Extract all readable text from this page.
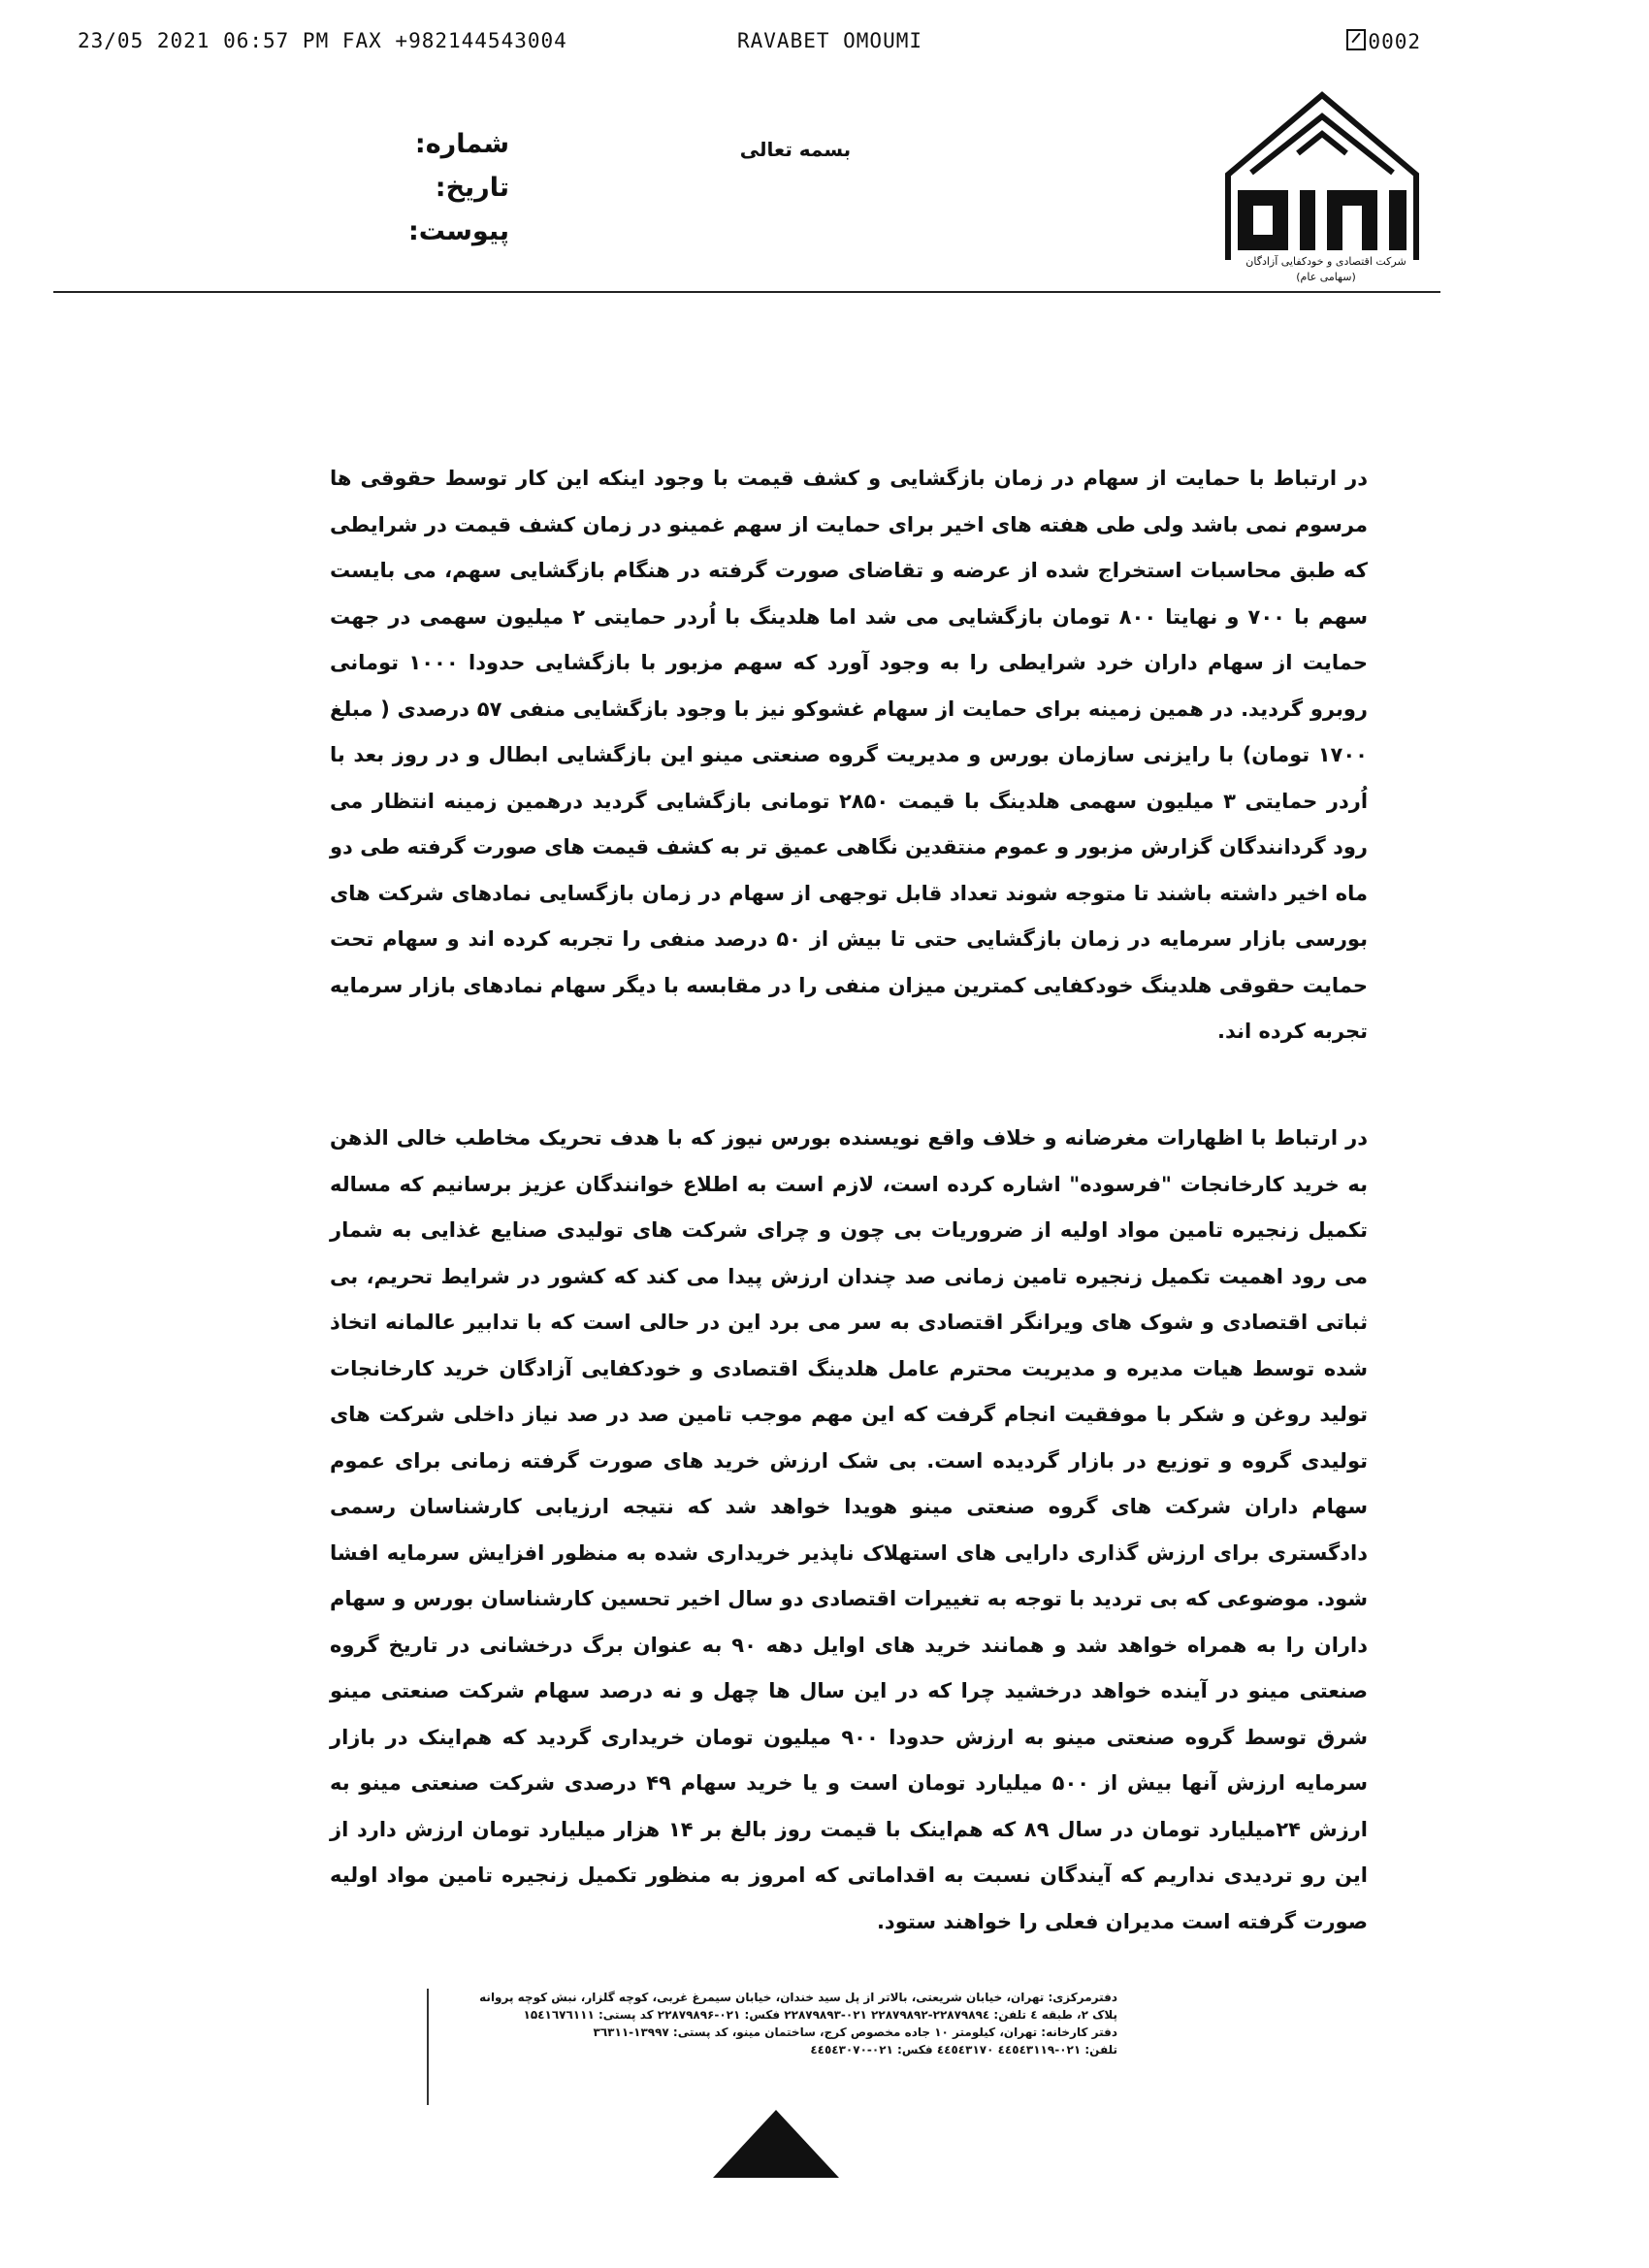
23/05 2021 06:57 PM FAX +982144543004	RAVABET OMOUMI	0002
شرکت اقتصادی و خودکفایی آزادگان
(سهامی عام)
بسمه تعالی
شماره:
تاریخ:
پیوست:

در ارتباط با حمایت از سهام در زمان بازگشایی و کشف قیمت با وجود اینکه این کار توسط حقوقی ها مرسوم نمی باشد ولی طی هفته های اخیر برای حمایت از سهم غمینو در زمان کشف قیمت در شرایطی که طبق محاسبات استخراج شده از عرضه و تقاضای صورت گرفته در هنگام بازگشایی سهم، می بایست سهم با ۷۰۰ و نهایتا ۸۰۰ تومان بازگشایی می شد اما هلدینگ با اُردر حمایتی ۲ میلیون سهمی در جهت حمایت از سهام داران خرد شرایطی را به وجود آورد که سهم مزبور با بازگشایی حدودا ۱۰۰۰ تومانی روبرو گردید. در همین زمینه برای حمایت از سهام غشوکو نیز با وجود بازگشایی منفی ۵۷ درصدی ( مبلغ ۱۷۰۰ تومان) با رایزنی سازمان بورس و مدیریت گروه صنعتی مینو این بازگشایی ابطال و در روز بعد با اُردر حمایتی ۳ میلیون سهمی هلدینگ با قیمت ۲۸۵۰ تومانی بازگشایی گردید درهمین زمینه انتظار می رود گردانندگان گزارش مزبور و عموم منتقدین نگاهی عمیق تر به کشف قیمت های صورت گرفته طی دو ماه اخیر داشته باشند تا متوجه شوند تعداد قابل توجهی از سهام در زمان بازگسایی نمادهای شرکت های بورسی بازار سرمایه در زمان بازگشایی حتی تا بیش از ۵۰ درصد منفی را تجربه کرده اند و سهام تحت حمایت حقوقی هلدینگ خودکفایی کمترین میزان منفی را در مقابسه با دیگر سهام نمادهای بازار سرمایه تجربه کرده اند.

در ارتباط با اظهارات مغرضانه و خلاف واقع نویسنده بورس نیوز که با هدف تحریک مخاطب خالی الذهن به خرید کارخانجات "فرسوده" اشاره کرده است، لازم است به اطلاع خوانندگان عزیز برسانیم که مساله تکمیل زنجیره تامین مواد اولیه از ضروریات بی چون و چرای شرکت های تولیدی صنایع غذایی به شمار می رود اهمیت تکمیل زنجیره تامین زمانی صد چندان ارزش پیدا می کند که کشور در شرایط تحریم، بی ثباتی اقتصادی و شوک های ویرانگر اقتصادی به سر می برد این در حالی است که با تدابیر عالمانه اتخاذ شده توسط هیات مدیره و مدیریت محترم عامل هلدینگ اقتصادی و خودکفایی آزادگان خرید کارخانجات تولید روغن و شکر با موفقیت انجام گرفت که این مهم موجب تامین صد در صد نیاز داخلی شرکت های تولیدی گروه و توزیع در بازار گردیده است. بی شک ارزش خرید های صورت گرفته زمانی برای عموم سهام داران شرکت های گروه صنعتی مینو هویدا خواهد شد که نتیجه ارزیابی کارشناسان رسمی دادگستری برای ارزش گذاری دارایی های استهلاک ناپذیر خریداری شده به منظور افزایش سرمایه افشا شود. موضوعی که بی تردید با توجه به تغییرات اقتصادی دو سال اخیر تحسین کارشناسان بورس و سهام داران را به همراه خواهد شد و همانند خرید های اوایل دهه ۹۰ به عنوان برگ درخشانی در تاریخ گروه صنعتی مینو در آینده خواهد درخشید چرا که در این سال ها چهل و نه درصد سهام شرکت صنعتی مینو شرق توسط گروه صنعتی مینو به ارزش حدودا ۹۰۰ میلیون تومان خریداری گردید که هم‌اینک در بازار سرمایه ارزش آنها بیش از ۵۰۰ میلیارد تومان است و یا خرید سهام ۴۹ درصدی شرکت صنعتی مینو به ارزش ۲۴میلیارد تومان در سال ۸۹ که هم‌اینک با قیمت روز بالغ بر ۱۴ هزار میلیارد تومان ارزش دارد از این رو تردیدی نداریم که آیندگان نسبت به اقداماتی که امروز به منظور تکمیل زنجیره تامین مواد اولیه صورت گرفته است مدیران فعلی را خواهند ستود.

دفترمرکزی: تهران، خیابان شریعتی، بالاتر از پل سید خندان، خیابان سیمرغ غربی، کوچه گلزار، نبش کوچه پروانه
پلاک ۲، طبقه ٤ تلفن: ۲۲۸۷۹۸۹٤-۲۲۸۷۹۸۹۲ ۰۲۱-۲۲۸۷۹۸۹۳ فکس: ۰۲۱-۲۲۸۷۹۸۹۶ کد پستی: ۱۵٤۱٦۷٦۱۱۱
دفتر کارخانه: تهران، کیلومتر ۱۰ جاده مخصوص کرج، ساختمان مینو، کد پستی: ۱۳۹۹۷-۳٦۳۱۱
تلفن: ۰۲۱-٤٤٥٤۳۱۱۹ ٤٤٥٤۳۱۷۰ فکس: ۰۲۱-٤٤٥٤۳۰۷۰
